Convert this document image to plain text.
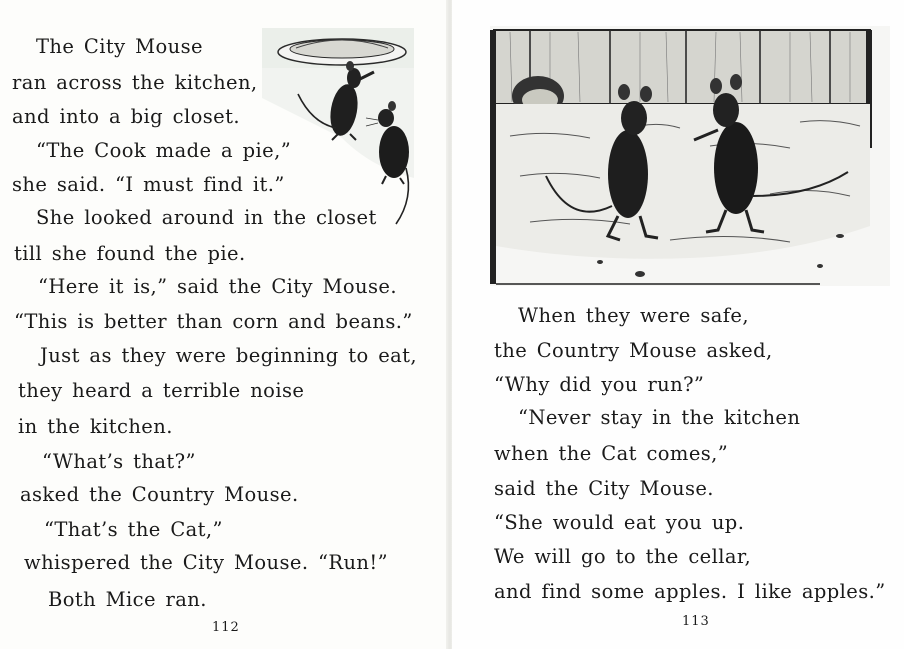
The City Mouse
ran across the kitchen,
and into a big closet.
“The Cook made a pie,”
she said. “I must find it.”
She looked around in the closet
till she found the pie.
“Here it is,” said the City Mouse.
“This is better than corn and beans.”
Just as they were beginning to eat,
they heard a terrible noise
in the kitchen.
“What’s that?”
asked the Country Mouse.
“That’s the Cat,”
whispered the City Mouse. “Run!”
Both Mice ran.
112
When they were safe,
the Country Mouse asked,
“Why did you run?”
“Never stay in the kitchen
when the Cat comes,”
said the City Mouse.
“She would eat you up.
We will go to the cellar,
and find some apples. I like apples.”
113
